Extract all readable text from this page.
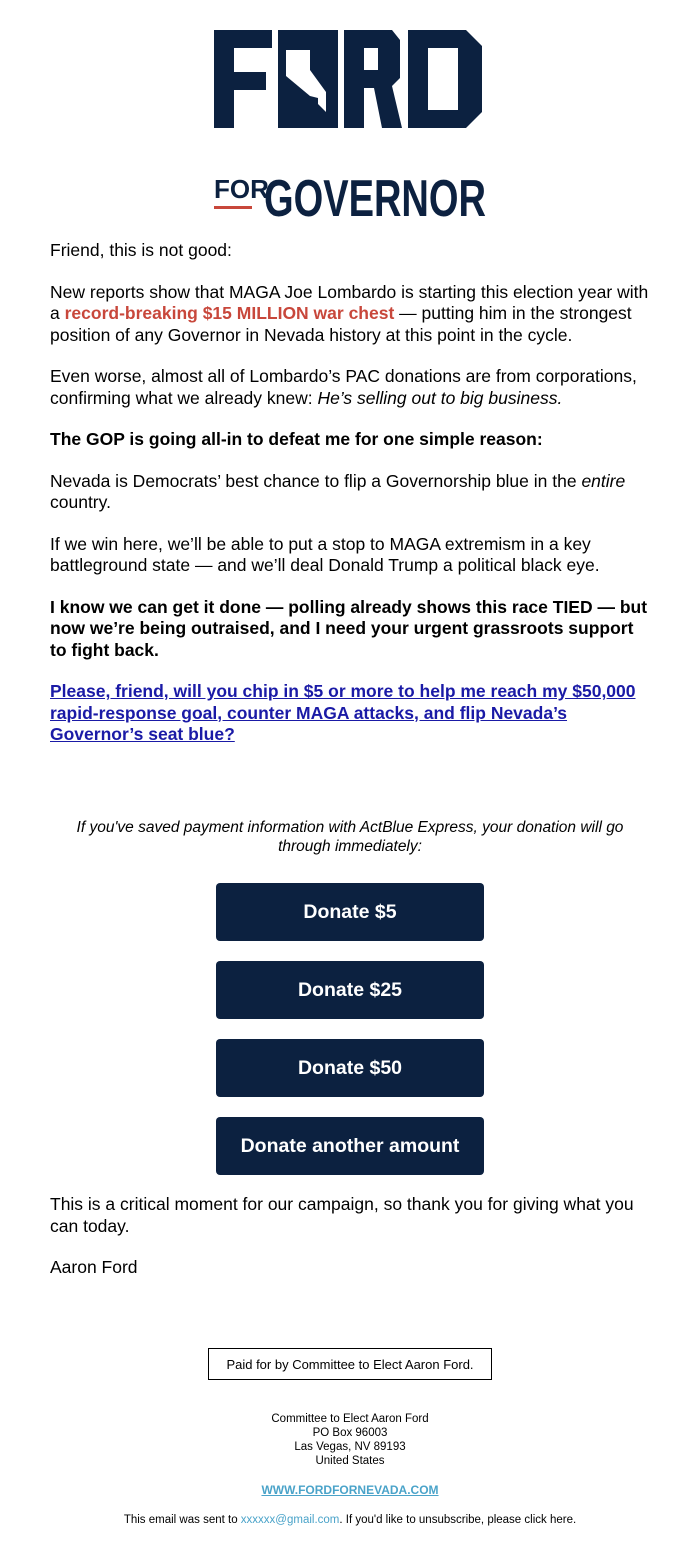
FOR
GOVERNOR

Friend, this is not good:

New reports show that MAGA Joe Lombardo is starting this election year with a record-breaking $15 MILLION war chest — putting him in the strongest position of any Governor in Nevada history at this point in the cycle.

Even worse, almost all of Lombardo’s PAC donations are from corporations, confirming what we already knew: He’s selling out to big business.

The GOP is going all-in to defeat me for one simple reason:

Nevada is Democrats’ best chance to flip a Governorship blue in the entire country.

If we win here, we’ll be able to put a stop to MAGA extremism in a key battleground state — and we’ll deal Donald Trump a political black eye.

I know we can get it done — polling already shows this race TIED — but now we’re being outraised, and I need your urgent grassroots support to fight back.

Please, friend, will you chip in $5 or more to help me reach my $50,000 rapid-response goal, counter MAGA attacks, and flip Nevada’s Governor’s seat blue?

If you've saved payment information with ActBlue Express, your donation will go through immediately:
Donate $5
Donate $25
Donate $50
Donate another amount

This is a critical moment for our campaign, so thank you for giving what you can today.

Aaron Ford

Paid for by Committee to Elect Aaron Ford.
Committee to Elect Aaron Ford
PO Box 96003
Las Vegas, NV 89193
United States
WWW.FORDFORNEVADA.COM
This email was sent to xxxxxx@gmail.com. If you'd like to unsubscribe, please click here.
